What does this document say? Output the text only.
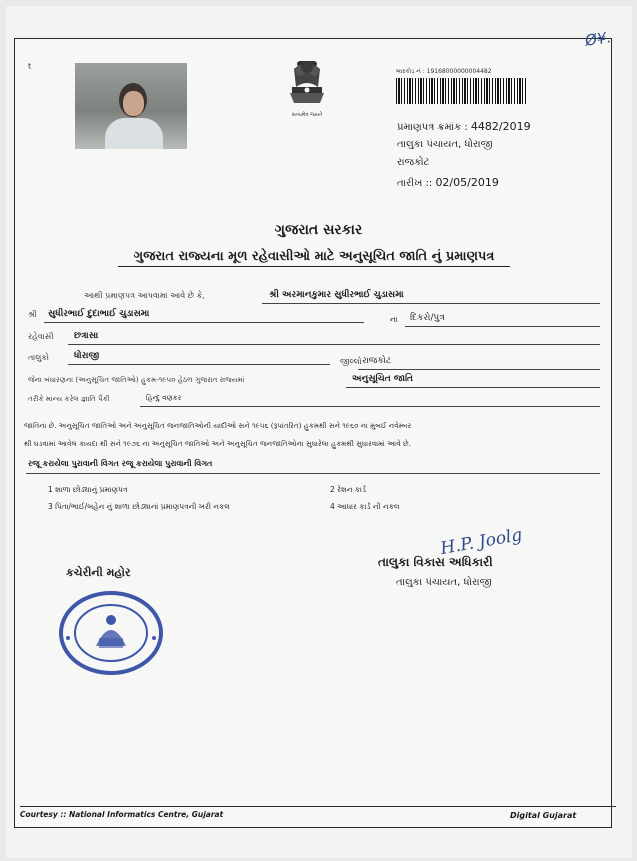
Ø¥.
ᵗ
સત્યમેવ જયતે
બારકોડ નં : 19168000000004482
પ્રમાણપત્ર ક્રમાંક : 4482/2019
તાલુકા પંચાયત, ધોરાજી
રાજકોટ
તારીખ :: 02/05/2019
ગુજરાત સરકાર
ગુજરાત રાજ્યના મૂળ રહેવાસીઓ માટે અનુસૂચિત જાતિ નું પ્રમાણપત્ર
આથી પ્રમાણપત્ર આપવામાં આવે છે કે,	શ્રી અરમાનકુમાર સુધીરભાઈ ચુડાસમા
શ્રી સુધીરભાઈ દુદાભાઈ ચુડાસમા
ના દિકરો/પુત્ર
રહેવાસી છત્રાસા
તાલુકો	ધોરાજી
જીલ્લો રાજકોટ
જેના બંધારણના (અનુસૂચિત જાતિઓ) હુકમ-૧૯૫૦ હેઠળ ગુજરાત રાજ્યમાં	અનુસૂચિત જાતિ
તરીકે માન્ય કરેલ જ્ઞાતિ પૈકી	હિન્દુ વણકર
જાતિના છે. અનુસૂચિત જાતિઓ અને અનુસૂચિત જનજાતિઓની યાદીઓ સને ૧૯૫૬ (રૂપાંતરિત) હુકમથી સને ૧૯૬૦ ના મુંબઈ નવેમ્બર
થી ઘડવામાં આવેલ કાયદા થી સને ૧૯૭૬ ના અનુસૂચિત જાતિઓ અને અનુસૂચિત જનજાતિઓના સુધારેલા હુકમથી સુધારવામાં આવે છે.
રજૂ કરાયેલા પુરાવાની વિગત રજૂ કરાયેલા પુરાવાની વિગત
1 શાળા છોડ્યાનું પ્રમાણપત્ર	2 રેશન કાર્ડ
3 પિતા/ભાઈ/બહેન નું શાળા છોડ્યાનાં પ્રમાણપત્રની ખરી નકલ	4 આધાર કાર્ડ ની નકલ
H.P. Joolg
તાલુકા વિકાસ અધિકારી
તાલુકા પંચાયત, ધોરાજી
કચેરીની મહોર
Courtesy :: National Informatics Centre, Gujarat	Digital Gujarat
